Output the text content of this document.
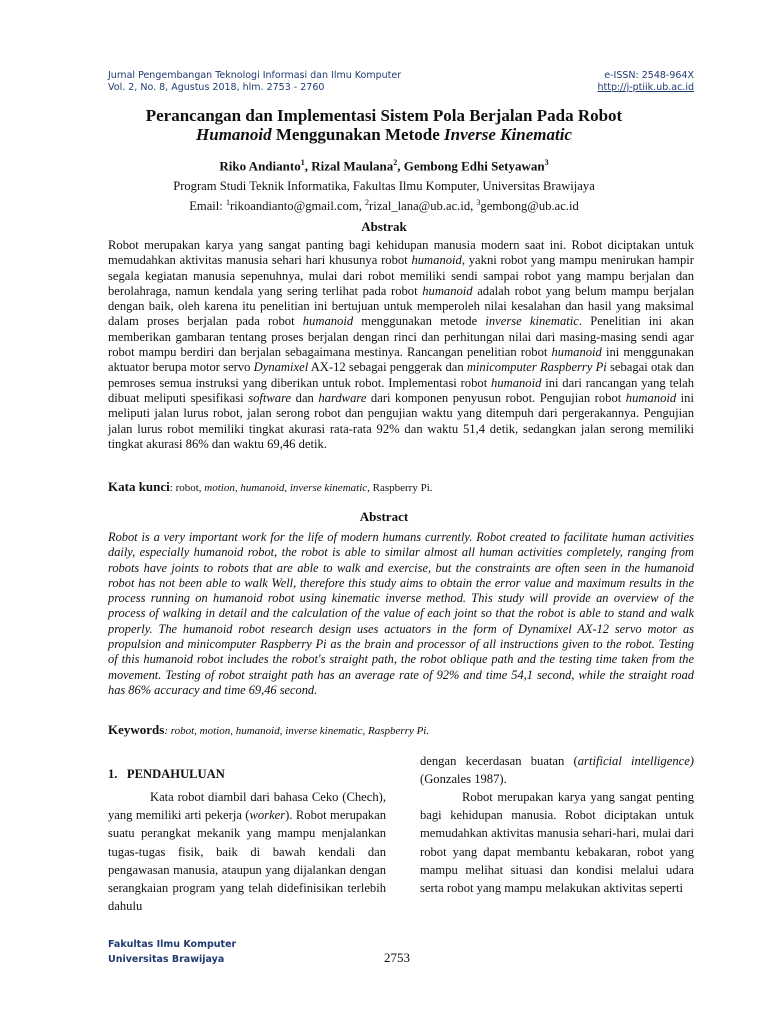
Jurnal Pengembangan Teknologi Informasi dan Ilmu Komputer
Vol. 2, No. 8, Agustus 2018, hlm. 2753 - 2760
e-ISSN: 2548-964X
http://j-ptiik.ub.ac.id
Perancangan dan Implementasi Sistem Pola Berjalan Pada Robot
Humanoid Menggunakan Metode Inverse Kinematic
Riko Andianto$^1$, Rizal Maulana$^2$, Gembong Edhi Setyawan$^3$
Program Studi Teknik Informatika, Fakultas Ilmu Komputer, Universitas Brawijaya
Email: $^1$rikoandianto@gmail.com, $^2$rizal_lana@ub.ac.id, $^3$gembong@ub.ac.id
Abstrak
Robot merupakan karya yang sangat panting bagi kehidupan manusia modern saat ini. Robot diciptakan untuk memudahkan aktivitas manusia sehari hari khusunya robot humanoid, yakni robot yang mampu menirukan hampir segala kegiatan manusia sepenuhnya, mulai dari robot memiliki sendi sampai robot yang mampu berjalan dan berolahraga, namun kendala yang sering terlihat pada robot humanoid adalah robot yang belum mampu berjalan dengan baik, oleh karena itu penelitian ini bertujuan untuk memperoleh nilai kesalahan dan hasil yang maksimal dalam proses berjalan pada robot humanoid menggunakan metode inverse kinematic. Penelitian ini akan memberikan gambaran tentang proses berjalan dengan rinci dan perhitungan nilai dari masing-masing sendi agar robot mampu berdiri dan berjalan sebagaimana mestinya. Rancangan penelitian robot humanoid ini menggunakan aktuator berupa motor servo Dynamixel AX-12 sebagai penggerak dan minicomputer Raspberry Pi sebagai otak dan pemroses semua instruksi yang diberikan untuk robot. Implementasi robot humanoid ini dari rancangan yang telah dibuat meliputi spesifikasi software dan hardware dari komponen penyusun robot. Pengujian robot humanoid ini meliputi jalan lurus robot, jalan serong robot dan pengujian waktu yang ditempuh dari pergerakannya. Pengujian jalan lurus robot memiliki tingkat akurasi rata-rata 92% dan waktu 51,4 detik, sedangkan jalan serong memiliki tingkat akurasi 86% dan waktu 69,46 detik.
Kata kunci: robot, motion, humanoid, inverse kinematic, Raspberry Pi.
Abstract
Robot is a very important work for the life of modern humans currently. Robot created to facilitate human activities daily, especially humanoid robot, the robot is able to similar almost all human activities completely, ranging from robots have joints to robots that are able to walk and exercise, but the constraints are often seen in the humanoid robot has not been able to walk Well, therefore this study aims to obtain the error value and maximum results in the process running on humanoid robot using kinematic inverse method. This study will provide an overview of the process of walking in detail and the calculation of the value of each joint so that the robot is able to stand and walk properly. The humanoid robot research design uses actuators in the form of Dynamixel AX-12 servo motor as propulsion and minicomputer Raspberry Pi as the brain and processor of all instructions given to the robot. Testing of this humanoid robot includes the robot's straight path, the robot oblique path and the testing time taken from the movement. Testing of robot straight path has an average rate of 92% and time 54,1 second, while the straight road has 86% accuracy and time 69,46 second.
Keywords: robot, motion, humanoid, inverse kinematic, Raspberry Pi.
1.   PENDAHULUAN
Kata robot diambil dari bahasa Ceko (Chech), yang memiliki arti pekerja (worker). Robot merupakan suatu perangkat mekanik yang mampu menjalankan tugas-tugas fisik, baik di bawah kendali dan pengawasan manusia, ataupun yang dijalankan dengan serangkaian program yang telah didefinisikan terlebih dahulu
dengan kecerdasan buatan (artificial intelligence) (Gonzales 1987).
Robot merupakan karya yang sangat penting bagi kehidupan manusia. Robot diciptakan untuk memudahkan aktivitas manusia sehari-hari, mulai dari robot yang dapat membantu kebakaran, robot yang mampu melihat situasi dan kondisi melalui udara serta robot yang mampu melakukan aktivitas seperti
Fakultas Ilmu Komputer
Universitas Brawijaya	2753
